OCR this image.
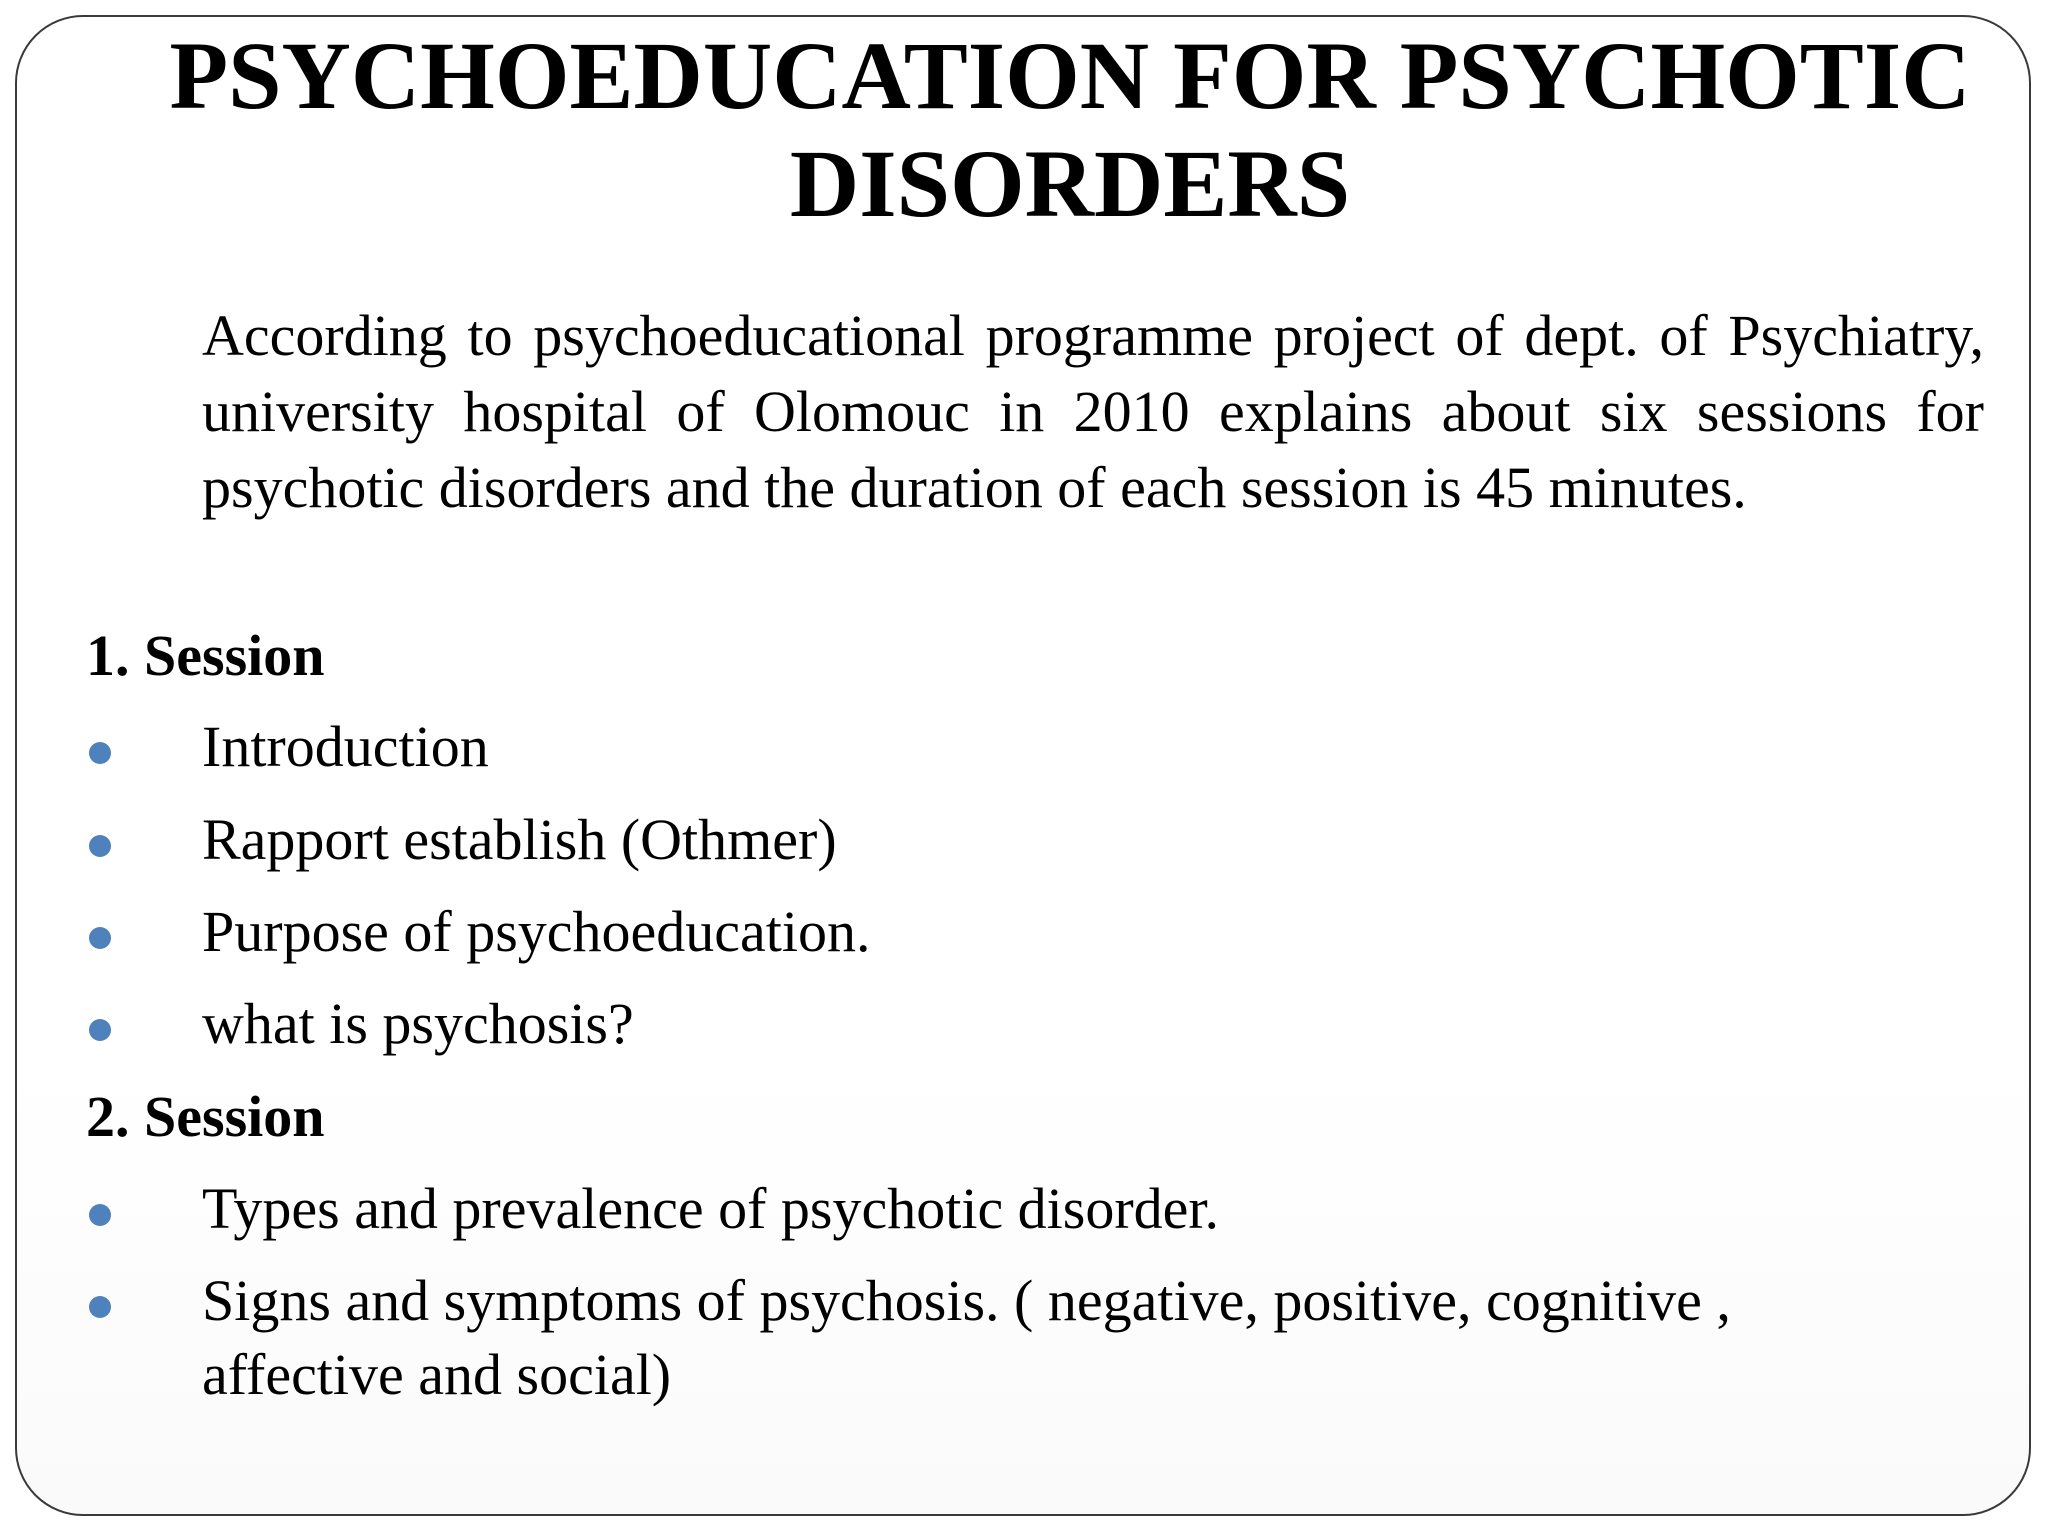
PSYCHOEDUCATION FOR PSYCHOTIC
DISORDERS

According to psychoeducational programme project of dept. of Psychiatry, university hospital of Olomouc in 2010 explains about six sessions for psychotic disorders and the duration of each session is 45 minutes.

1. Session

Introduction

Rapport establish (Othmer)

Purpose of psychoeducation.

what is psychosis?

2. Session

Types and prevalence of psychotic disorder.

Signs and symptoms of psychosis. ( negative, positive, cognitive ,
affective and social)
